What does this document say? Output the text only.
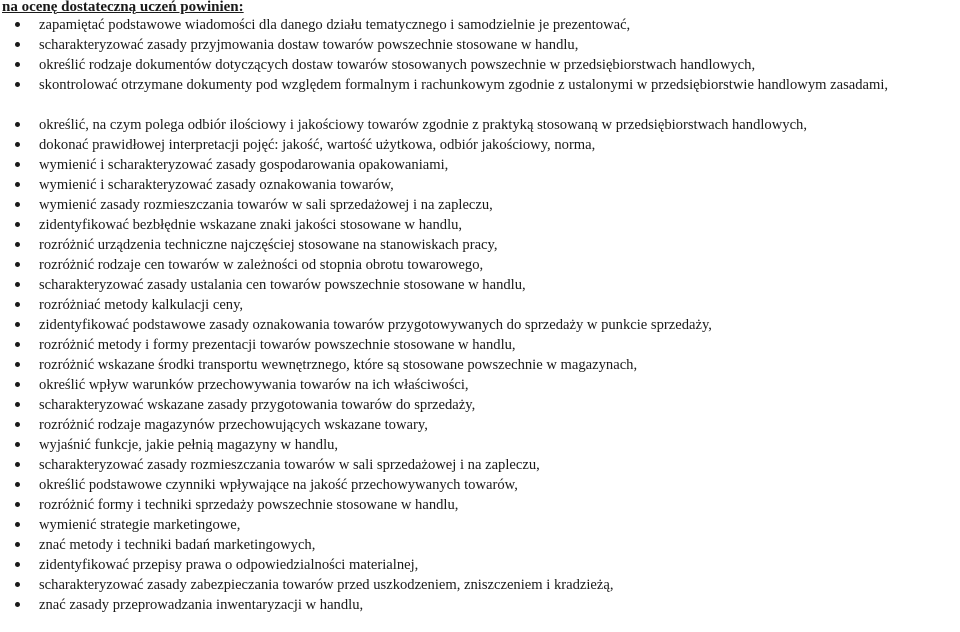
na ocenę dostateczną uczeń powinien:

zapamiętać podstawowe wiadomości dla danego działu tematycznego i samodzielnie je prezentować,
scharakteryzować zasady przyjmowania dostaw towarów powszechnie stosowane w handlu,
określić rodzaje dokumentów dotyczących dostaw towarów stosowanych powszechnie w przedsiębiorstwach handlowych,
skontrolować otrzymane dokumenty pod względem formalnym i rachunkowym zgodnie z ustalonymi w przedsiębiorstwie handlowym zasadami,
określić, na czym polega odbiór ilościowy i jakościowy towarów zgodnie z praktyką stosowaną w przedsiębiorstwach handlowych,
dokonać prawidłowej interpretacji pojęć: jakość, wartość użytkowa, odbiór jakościowy, norma,
wymienić i scharakteryzować zasady gospodarowania opakowaniami,
wymienić i scharakteryzować zasady oznakowania towarów,
wymienić zasady rozmieszczania towarów w sali sprzedażowej i na zapleczu,
zidentyfikować bezbłędnie wskazane znaki jakości stosowane w handlu,
rozróżnić urządzenia techniczne najczęściej stosowane na stanowiskach pracy,
rozróżnić rodzaje cen towarów w zależności od stopnia obrotu towarowego,
scharakteryzować zasady ustalania cen towarów powszechnie stosowane w handlu,
rozróżniać metody kalkulacji ceny,
zidentyfikować podstawowe zasady oznakowania towarów przygotowywanych do sprzedaży w punkcie sprzedaży,
rozróżnić metody i formy prezentacji towarów powszechnie stosowane w handlu,
rozróżnić wskazane środki transportu wewnętrznego, które są stosowane powszechnie w magazynach,
określić wpływ warunków przechowywania towarów na ich właściwości,
scharakteryzować wskazane zasady przygotowania towarów do sprzedaży,
rozróżnić rodzaje magazynów przechowujących wskazane towary,
wyjaśnić funkcje, jakie pełnią magazyny w handlu,
scharakteryzować zasady rozmieszczania towarów w sali sprzedażowej i na zapleczu,
określić podstawowe czynniki wpływające na jakość przechowywanych towarów,
rozróżnić formy i techniki sprzedaży powszechnie stosowane w handlu,
wymienić strategie marketingowe,
znać metody i techniki badań marketingowych,
zidentyfikować przepisy prawa o odpowiedzialności materialnej,
scharakteryzować zasady zabezpieczania towarów przed uszkodzeniem, zniszczeniem i kradzieżą,
znać zasady przeprowadzania inwentaryzacji w handlu,
